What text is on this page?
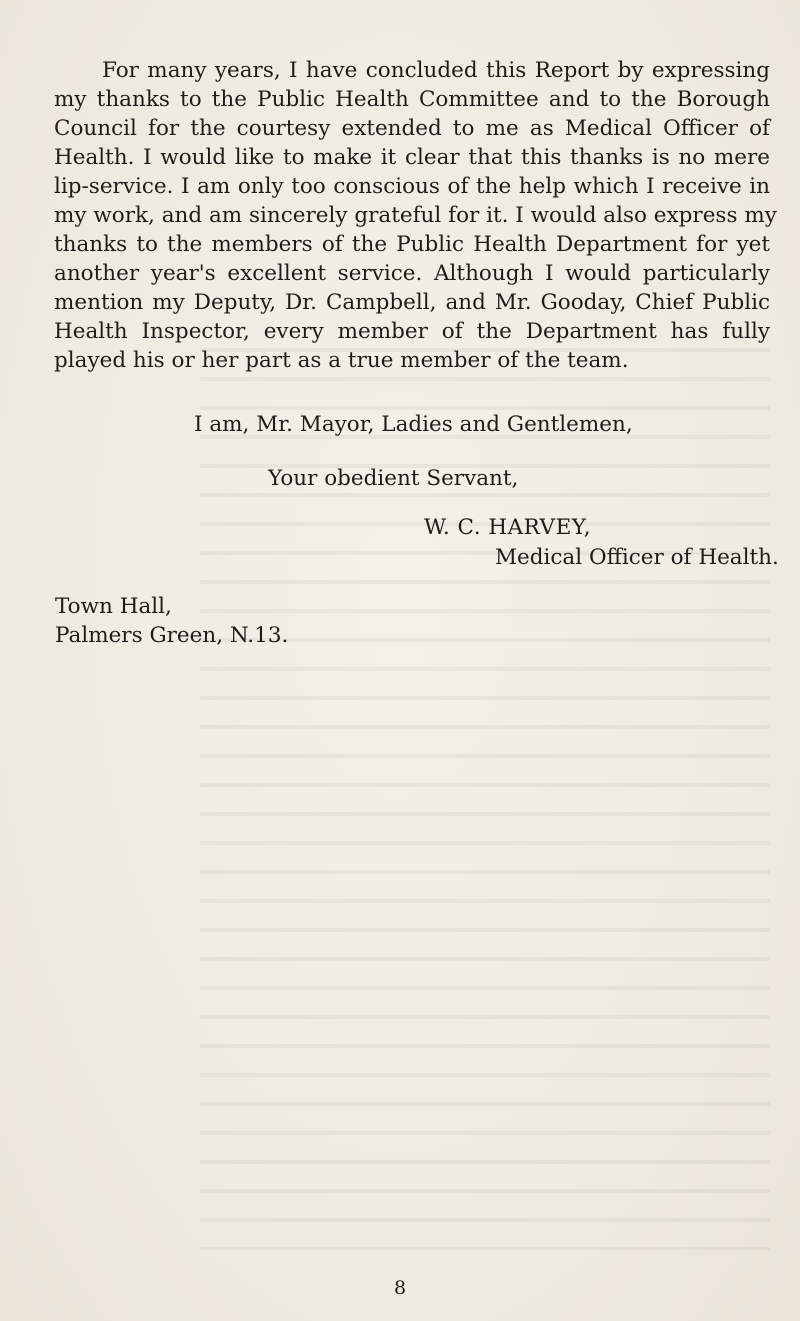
For many years, I have concluded this Report by expressing
my thanks to the Public Health Committee and to the Borough
Council for the courtesy extended to me as Medical Officer of
Health. I would like to make it clear that this thanks is no mere
lip-service. I am only too conscious of the help which I receive in
my work, and am sincerely grateful for it. I would also express my
thanks to the members of the Public Health Department for yet
another year's excellent service. Although I would particularly
mention my Deputy, Dr. Campbell, and Mr. Gooday, Chief Public
Health Inspector, every member of the Department has fully
played his or her part as a true member of the team.

I am, Mr. Mayor, Ladies and Gentlemen,
Your obedient Servant,
W. C. HARVEY,
Medical Officer of Health.
Town Hall,
Palmers Green, N.13.
8
